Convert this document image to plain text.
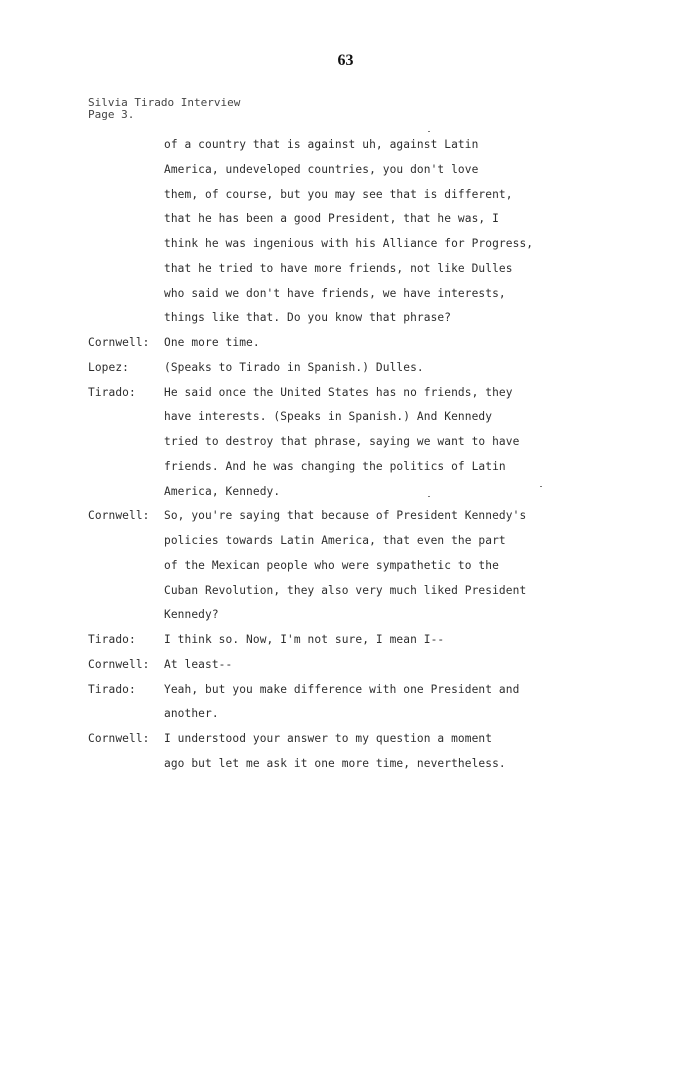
63
Silvia Tirado Interview
Page 3.
of a country that is against uh, against Latin
America, undeveloped countries, you don't love
them, of course, but you may see that is different,
that he has been a good President, that he was, I
think he was ingenious with his Alliance for Progress,
that he tried to have more friends, not like Dulles
who said we don't have friends, we have interests,
things like that. Do you know that phrase?
Cornwell: One more time.
Lopez:	(Speaks to Tirado in Spanish.) Dulles.
Tirado:	He said once the United States has no friends, they
have interests. (Speaks in Spanish.) And Kennedy
tried to destroy that phrase, saying we want to have
friends. And he was changing the politics of Latin
America, Kennedy.
Cornwell: So, you're saying that because of President Kennedy's
policies towards Latin America, that even the part
of the Mexican people who were sympathetic to the
Cuban Revolution, they also very much liked President
Kennedy?
Tirado:	I think so. Now, I'm not sure, I mean I--
Cornwell: At least--
Tirado:	Yeah, but you make difference with one President and
another.
Cornwell: I understood your answer to my question a moment
ago but let me ask it one more time, nevertheless.
